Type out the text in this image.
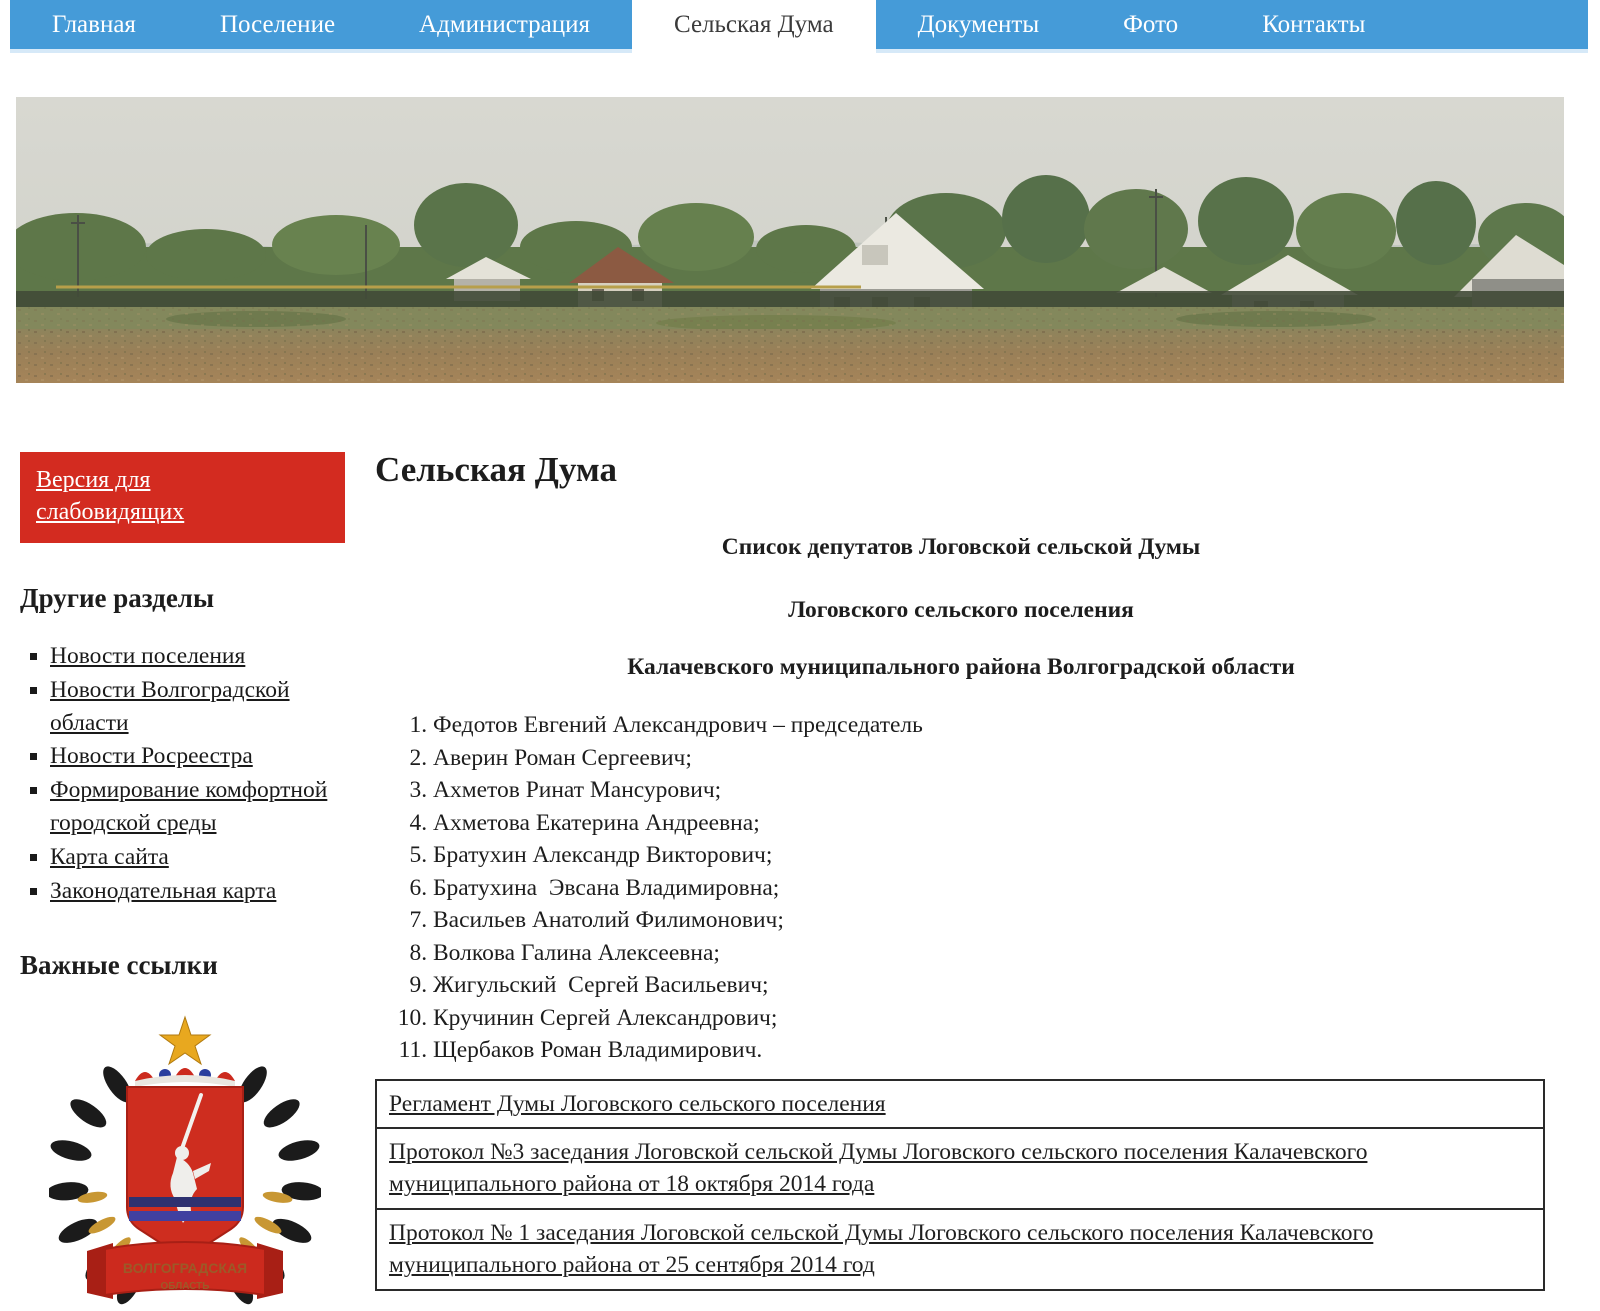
Главная	Поселение	Администрация	Сельская Дума	Документы	Фото	Контакты
Версия для слабовидящих
Другие разделы
▪ Новости поселения
▪ Новости Волгоградской области
▪ Новости Росреестра
▪ Формирование комфортной городской среды
▪ Карта сайта
▪ Законодательная карта
Важные ссылки
ВОЛГОГРАДСКАЯ
ОБЛАСТЬ
Сельская Дума
Список депутатов Логовской сельской Думы
Логовского сельского поселения
Калачевского муниципального района Волгоградской области
1. Федотов Евгений Александрович – председатель
2. Аверин Роман Сергеевич;
3. Ахметов Ринат Мансурович;
4. Ахметова Екатерина Андреевна;
5. Братухин Александр Викторович;
6. Братухина  Эвсана Владимировна;
7. Васильев Анатолий Филимонович;
8. Волкова Галина Алексеевна;
9. Жигульский  Сергей Васильевич;
10. Кручинин Сергей Александрович;
11. Щербаков Роман Владимирович.
Регламент Думы Логовского сельского поселения
Протокол №3 заседания Логовской сельской Думы Логовского сельского поселения Калачевского муниципального района от 18 октября 2014 года
Протокол № 1 заседания Логовской сельской Думы Логовского сельского поселения Калачевского муниципального района от 25 сентября 2014 год
